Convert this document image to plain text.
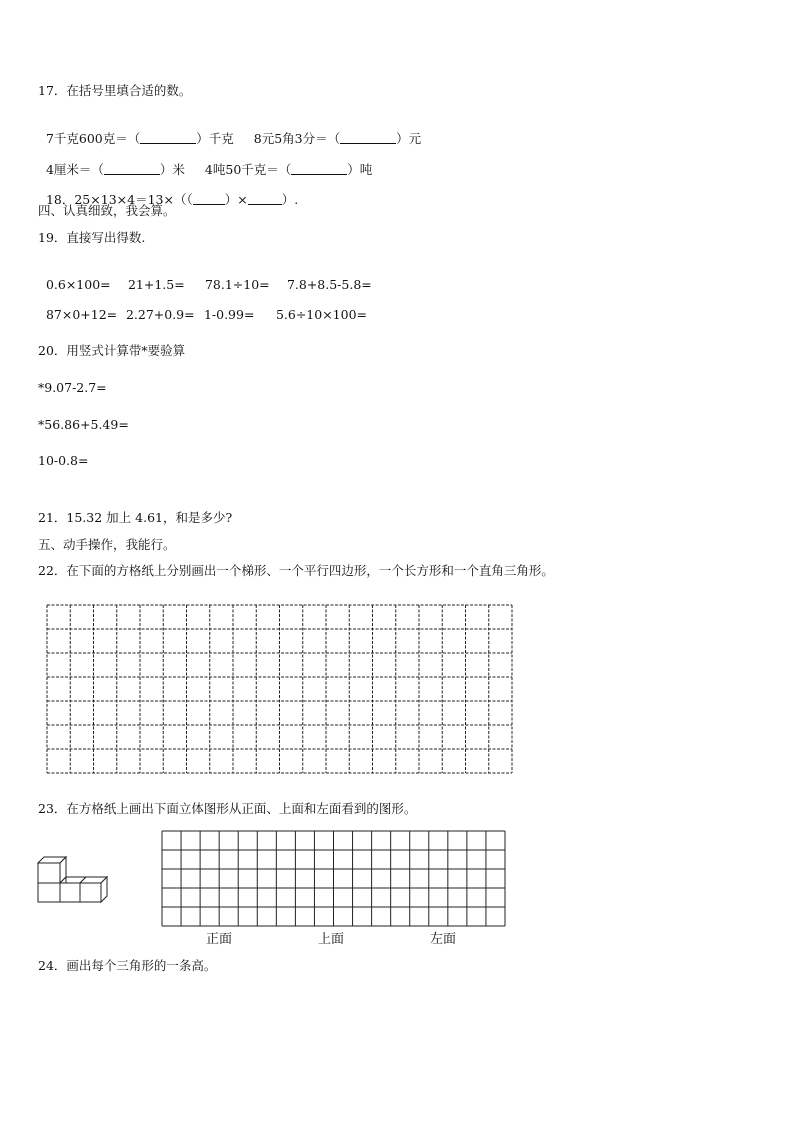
17．在括号里填合适的数。

7千克600克＝（	）千克 8元5角3分＝（	）元

4厘米＝（	）米 4吨50千克＝（	）吨

18．25×13×4＝13×（（	）×	）.

四、认真细致，我会算。
19．直接写出得数.

0.6×100= 21+1.5= 78.1÷10= 7.8+8.5-5.8=

87×0+12= 2.27+0.9= 1-0.99= 5.6÷10×100=

20．用竖式计算带*要验算
*9.07-2.7=
*56.86+5.49=
10-0.8=
21．15.32 加上 4.61，和是多少?
五、动手操作，我能行。
22．在下面的方格纸上分别画出一个梯形、一个平行四边形，一个长方形和一个直角三角形。
23．在方格纸上画出下面立体图形从正面、上面和左面看到的图形。
正面	上面	左面
24．画出每个三角形的一条高。
